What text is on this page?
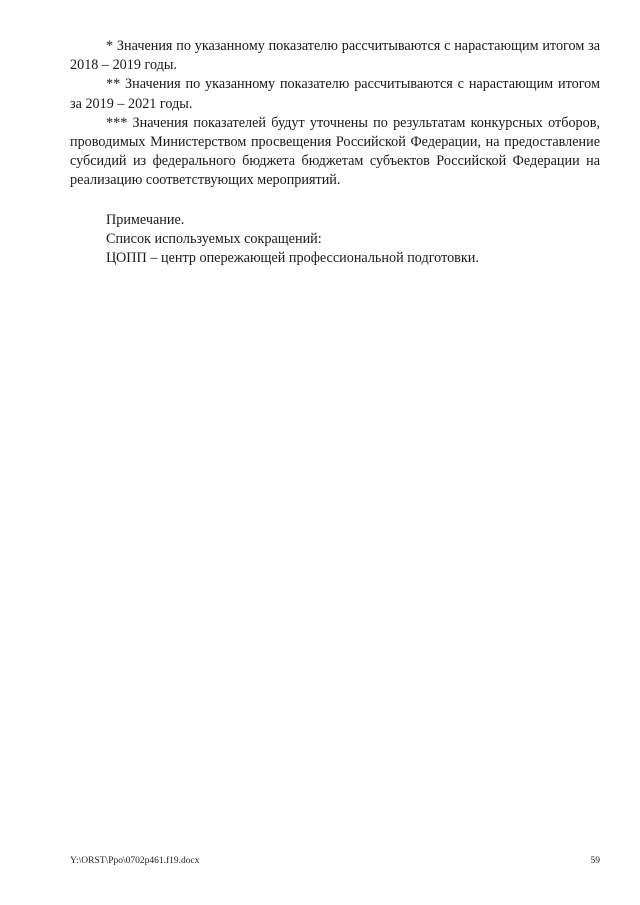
* Значения по указанному показателю рассчитываются с нарастающим итогом за 2018 – 2019 годы.

** Значения по указанному показателю рассчитываются с нарастающим итогом за 2019 – 2021 годы.

*** Значения показателей будут уточнены по результатам конкурсных отборов, проводимых Министерством просвещения Российской Федерации, на предоставление субсидий из федерального бюджета бюджетам субъектов Российской Федерации на реализацию соответствующих мероприятий.

Примечание.

Список используемых сокращений:

ЦОПП – центр опережающей профессиональной подготовки.

Y:\ORST\Ppo\0702p461.f19.docx	59
